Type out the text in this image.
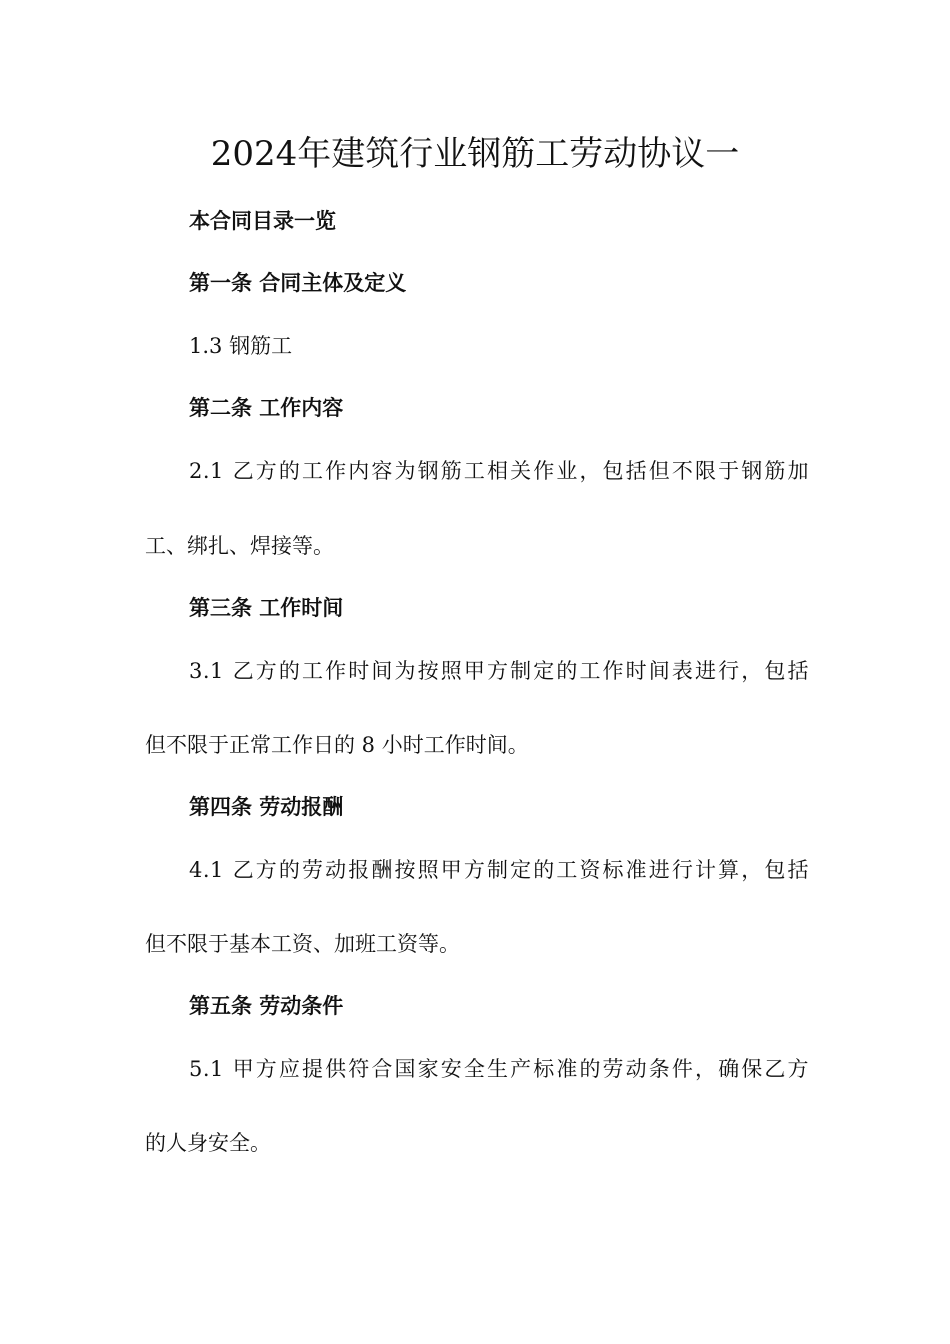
2024年建筑行业钢筋工劳动协议一

本合同目录一览

第一条 合同主体及定义

1.3 钢筋工

第二条 工作内容

2.1 乙方的工作内容为钢筋工相关作业，包括但不限于钢筋加

工、绑扎、焊接等。

第三条 工作时间

3.1 乙方的工作时间为按照甲方制定的工作时间表进行，包括

但不限于正常工作日的 8 小时工作时间。

第四条 劳动报酬

4.1 乙方的劳动报酬按照甲方制定的工资标准进行计算，包括

但不限于基本工资、加班工资等。

第五条 劳动条件

5.1 甲方应提供符合国家安全生产标准的劳动条件，确保乙方

的人身安全。
